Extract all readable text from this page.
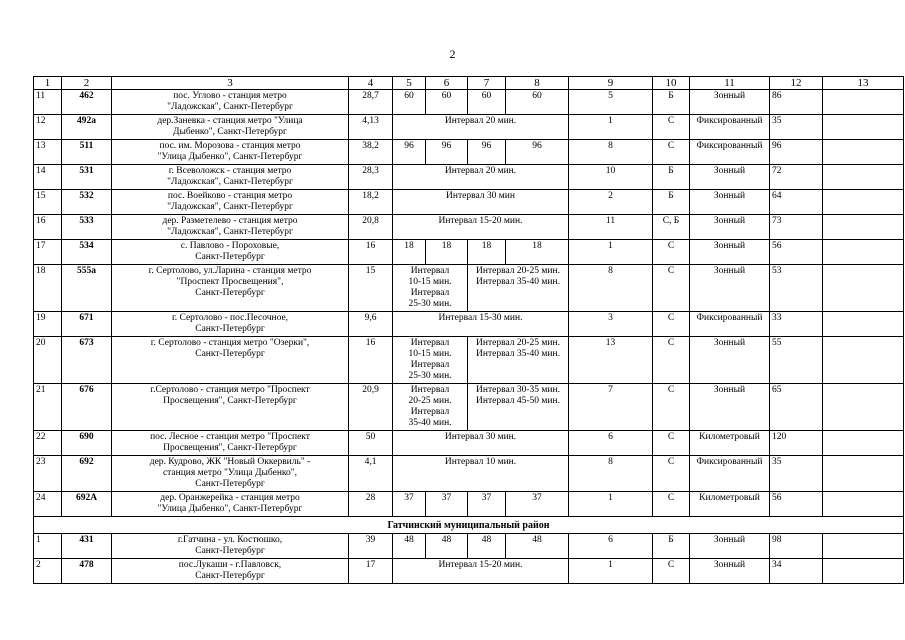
2
1	2	3	4	5	6	7	8	9	10	11	12	13
11	462	пос. Углово - станция метро
"Ладожская", Санкт-Петербург	28,7	60	60	60	60	5	Б	Зонный	86	
12	492а	дер.Заневка - станция метро "Улица
Дыбенко", Санкт-Петербург	4,13	Интервал 20 мин.				1	С	Фиксированный	35	
13	511	пос. им. Морозова - станция метро
"Улица Дыбенко", Санкт-Петербург	38,2	96	96	96	96	8	С	Фиксированный	96	
14	531	г. Всеволожск - станция метро
"Ладожская", Санкт-Петербург	28,3	Интервал 20 мин.				10	Б	Зонный	72	
15	532	пос. Воейково - станция метро
"Ладожская", Санкт-Петербург	18,2	Интервал 30 мин				2	Б	Зонный	64	
16	533	дер. Разметелево - станция метро
"Ладожская", Санкт-Петербург	20,8	Интервал 15-20 мин.				11	С, Б	Зонный	73	
17	534	с. Павлово - Пороховые,
Санкт-Петербург	16	18	18	18	18	1	С	Зонный	56	
18	555а	г. Сертолово, ул.Ларина - станция метро
"Проспект Просвещения",
Санкт-Петербург	15	Интервал
10-15 мин.
Интервал
25-30 мин.		Интервал 20-25 мин.
Интервал 35-40 мин.		8	С	Зонный	53	
19	671	г. Сертолово - пос.Песочное,
Санкт-Петербург	9,6	Интервал 15-30 мин.				3	С	Фиксированный	33	
20	673	г. Сертолово - станция метро "Озерки",
Санкт-Петербург	16	Интервал
10-15 мин.
Интервал
25-30 мин.		Интервал 20-25 мин.
Интервал 35-40 мин.		13	С	Зонный	55	
21	676	г.Сертолово - станция метро "Проспект
Просвещения", Санкт-Петербург	20,9	Интервал
20-25 мин.
Интервал
35-40 мин.		Интервал 30-35 мин.
Интервал 45-50 мин.		7	С	Зонный	65	
22	690	пос. Лесное - станция метро "Проспект
Просвещения", Санкт-Петербург	50	Интервал 30 мин.				6	С	Километровый	120	
23	692	дер. Кудрово, ЖК "Новый Оккервиль" -
станция метро "Улица Дыбенко",
Санкт-Петербург	4,1	Интервал 10 мин.				8	С	Фиксированный	35	
24	692А	дер. Оранжерейка - станция метро
"Улица Дыбенко", Санкт-Петербург	28	37	37	37	37	1	С	Километровый	56	
Гатчинский муниципальный район												
1	431	г.Гатчина - ул. Костюшко,
Санкт-Петербург	39	48	48	48	48	6	Б	Зонный	98	
2	478	пос.Лукаши - г.Павловск,
Санкт-Петербург	17	Интервал 15-20 мин.				1	С	Зонный	34	
